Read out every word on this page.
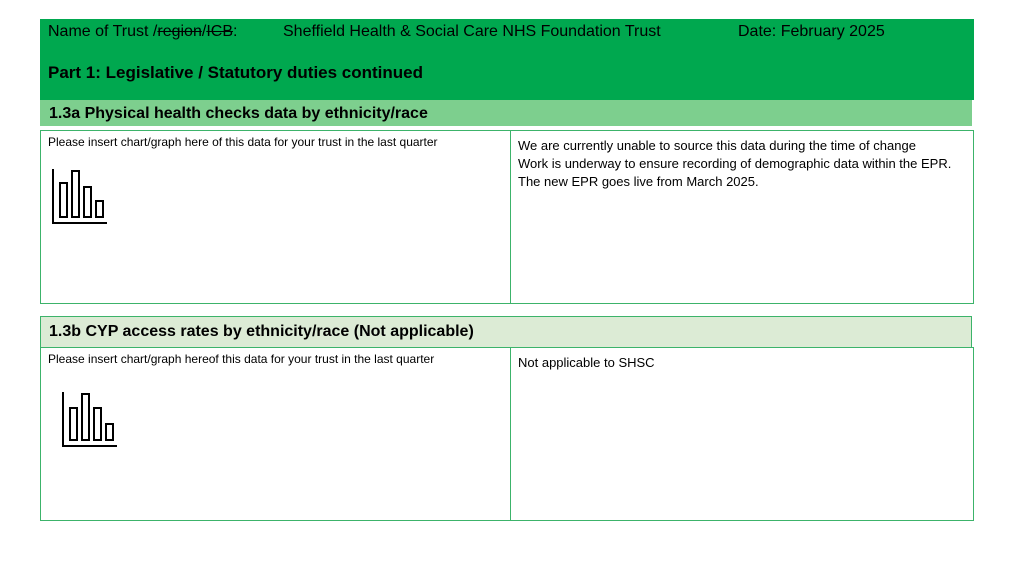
Name of Trust /region/ICB:	Sheffield Health & Social Care NHS Foundation Trust	Date: February 2025
Part 1: Legislative / Statutory duties continued
1.3a Physical health checks data by ethnicity/race
Please insert chart/graph here of this data for your trust in the last quarter	We are currently unable to source this data during the time of change
Work is underway to ensure recording of demographic data within the EPR. The new EPR goes live from March 2025.
1.3b CYP access rates by ethnicity/race (Not applicable)
Please insert chart/graph hereof this data for your trust in the last quarter	Not applicable to SHSC
